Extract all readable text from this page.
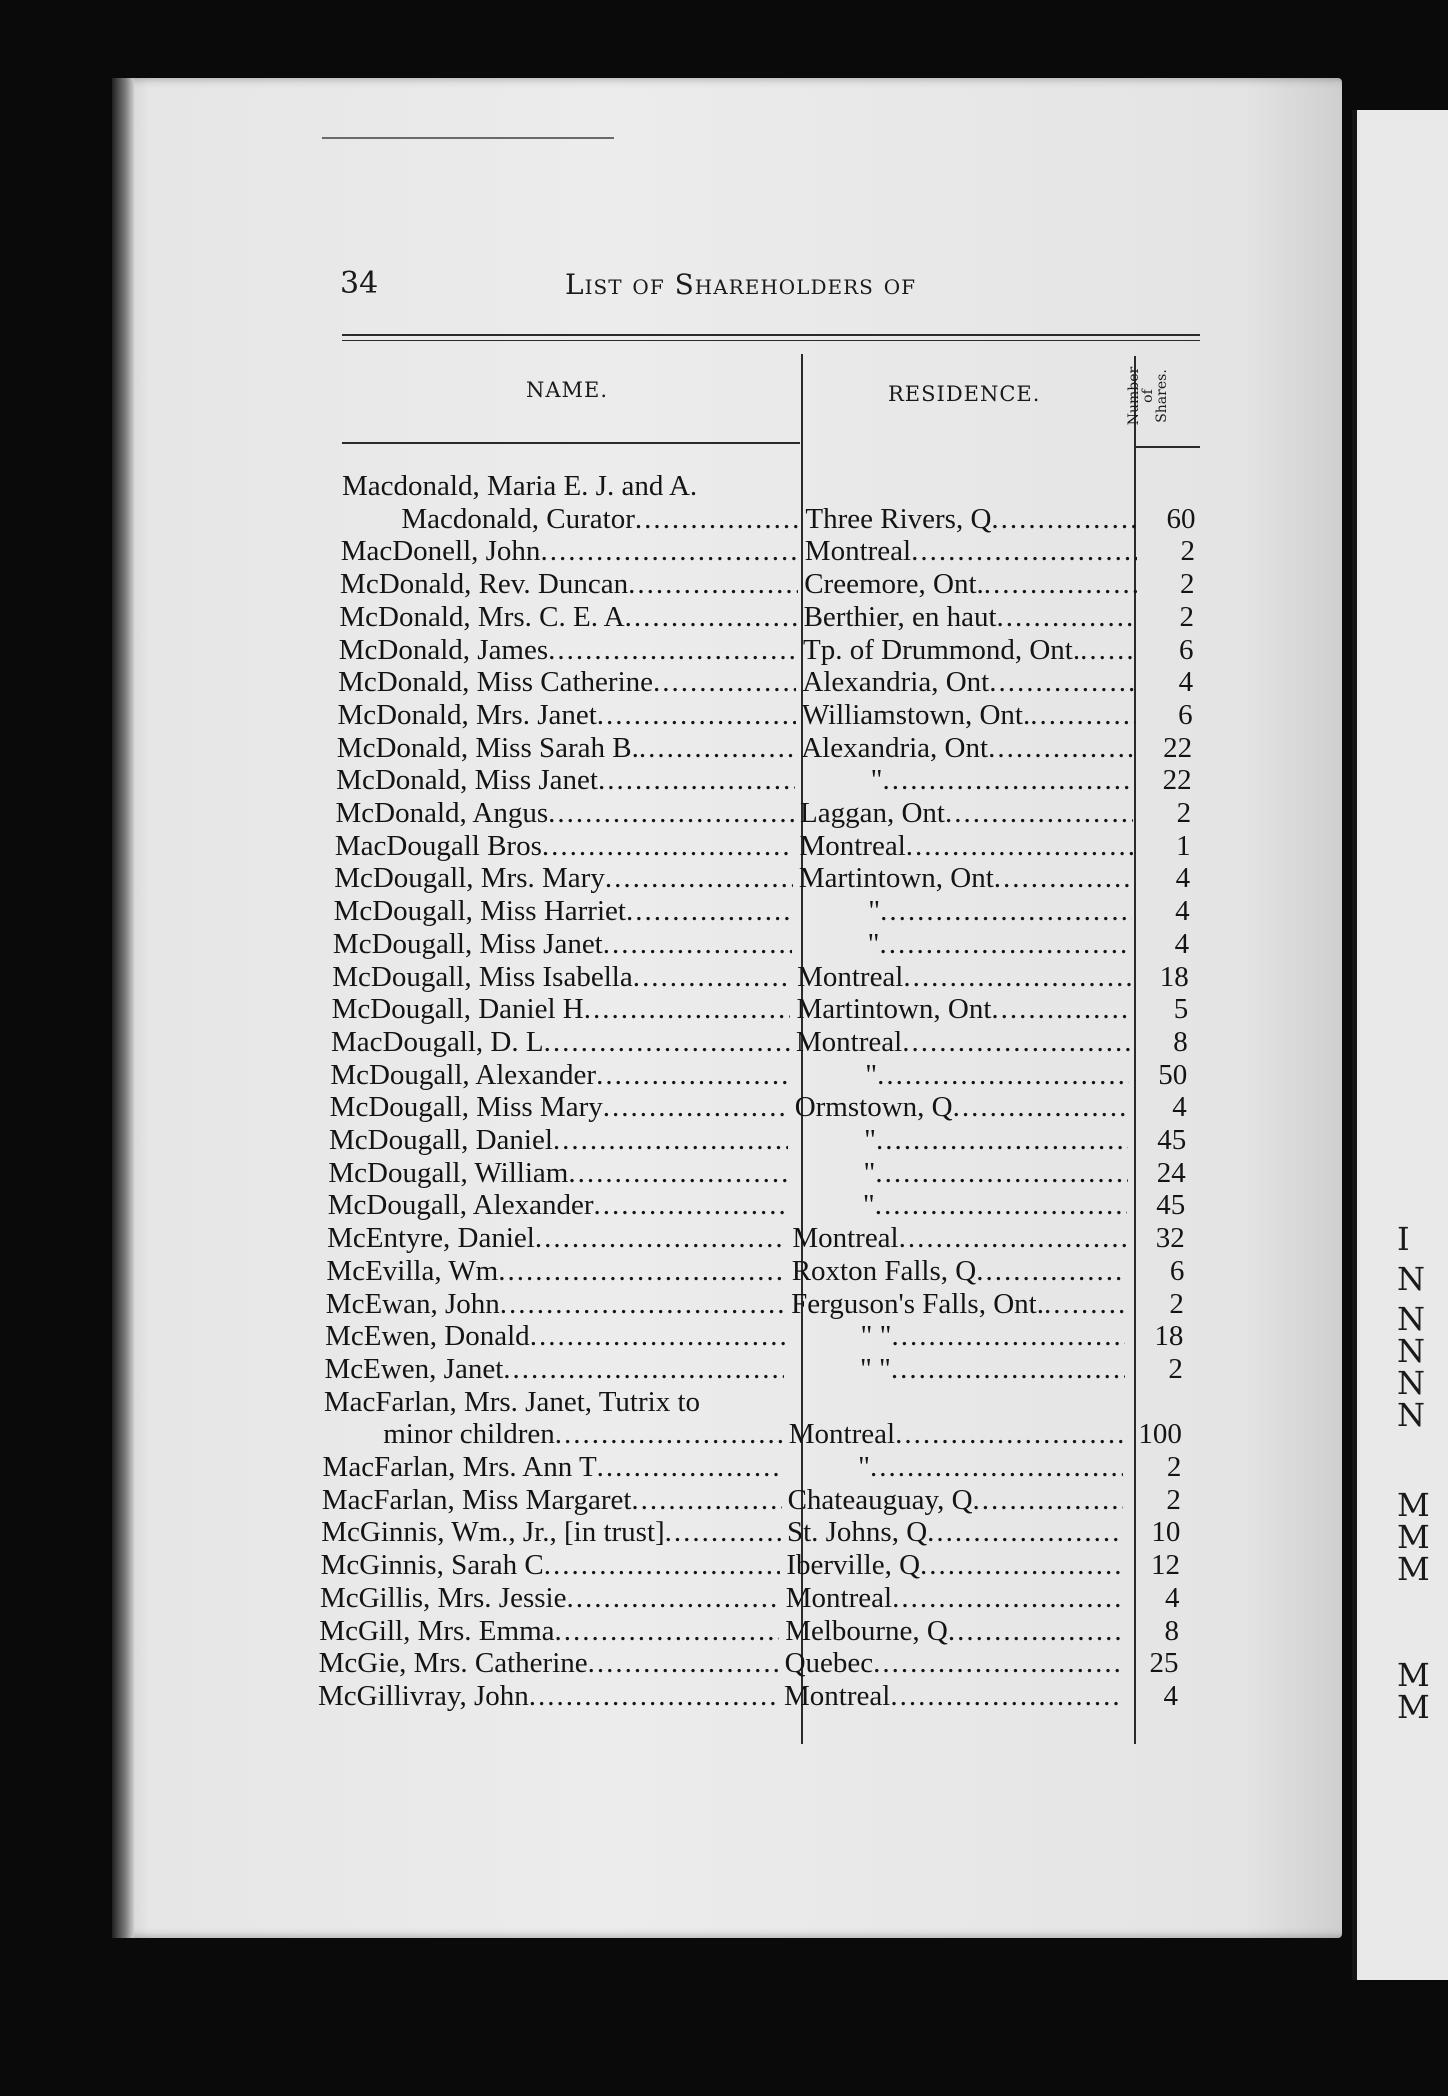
I
N
N
N
N
N
M
M
M
M
M
34	List of Shareholders of
NAME.	RESIDENCE.	Number
of
Shares.
Macdonald, Maria E. J. and A.
Macdonald, Curator .....	Three Rivers, Q .....	60
MacDonell, John .....	Montreal .....	2
McDonald, Rev. Duncan .....	Creemore, Ont. .....	2
McDonald, Mrs. C. E. A .....	Berthier, en haut .....	2
McDonald, James .....	Tp. of Drummond, Ont. .....	6
McDonald, Miss Catherine .....	Alexandria, Ont .....	4
McDonald, Mrs. Janet .....	Williamstown, Ont. .....	6
McDonald, Miss Sarah B. .....	Alexandria, Ont .....	22
McDonald, Miss Janet .....	" .....	22
McDonald, Angus .....	Laggan, Ont .....	2
MacDougall Bros .....	Montreal .....	1
McDougall, Mrs. Mary .....	Martintown, Ont .....	4
McDougall, Miss Harriet .....	" .....	4
McDougall, Miss Janet .....	" .....	4
McDougall, Miss Isabella .....	Montreal .....	18
McDougall, Daniel H .....	Martintown, Ont .....	5
MacDougall, D. L .....	Montreal .....	8
McDougall, Alexander .....	" .....	50
McDougall, Miss Mary .....	Ormstown, Q .....	4
McDougall, Daniel .....	" .....	45
McDougall, William .....	" .....	24
McDougall, Alexander .....	" .....	45
McEntyre, Daniel .....	Montreal .....	32
McEvilla, Wm .....	Roxton Falls, Q .....	6
McEwan, John .....	Ferguson's Falls, Ont. .....	2
McEwen, Donald .....	" " .....	18
McEwen, Janet .....	" " .....	2
MacFarlan, Mrs. Janet, Tutrix to
minor children .....	Montreal .....	100
MacFarlan, Mrs. Ann T .....	" .....	2
MacFarlan, Miss Margaret .....	Chateauguay, Q .....	2
McGinnis, Wm., Jr., [in trust] .....	St. Johns, Q .....	10
McGinnis, Sarah C .....	Iberville, Q .....	12
McGillis, Mrs. Jessie .....	Montreal .....	4
McGill, Mrs. Emma .....	Melbourne, Q .....	8
McGie, Mrs. Catherine .....	Quebec .....	25
McGillivray, John .....	Montreal .....	4
